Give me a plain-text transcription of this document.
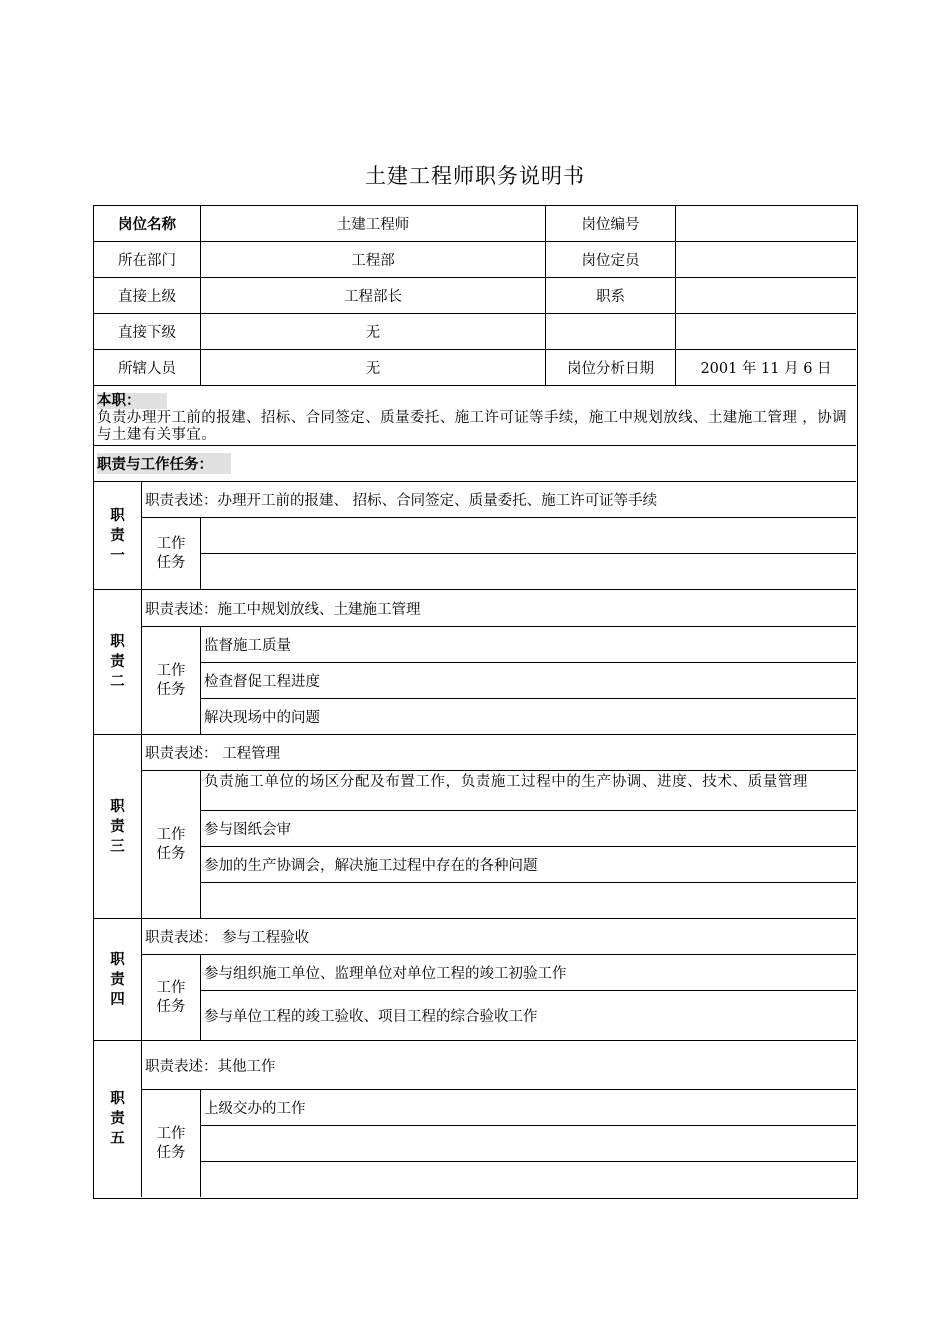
土建工程师职务说明书
岗位名称	土建工程师	岗位编号
所在部门	工程部	岗位定员
直接上级	工程部长	职系
直接下级	无
所辖人员	无	岗位分析日期	2001 年 11 月 6 日
本职：
负责办理开工前的报建、招标、合同签定、质量委托、施工许可证等手续，施工中规划放线、土建施工管理 ，协调与土建有关事宜。
职责与工作任务：
职
责
一
职责表述：办理开工前的报建、 招标、合同签定、质量委托、施工许可证等手续
工作
任务
职
责
二
职责表述：施工中规划放线、土建施工管理
工作
任务
监督施工质量
检查督促工程进度
解决现场中的问题
职
责
三
职责表述： 工程管理
工作
任务
负责施工单位的场区分配及布置工作，负责施工过程中的生产协调、进度、技术、质量管理
参与图纸会审
参加的生产协调会，解决施工过程中存在的各种问题
职
责
四
职责表述： 参与工程验收
工作
任务
参与组织施工单位、监理单位对单位工程的竣工初验工作
参与单位工程的竣工验收、项目工程的综合验收工作
职
责
五
职责表述：其他工作
工作
任务
上级交办的工作
